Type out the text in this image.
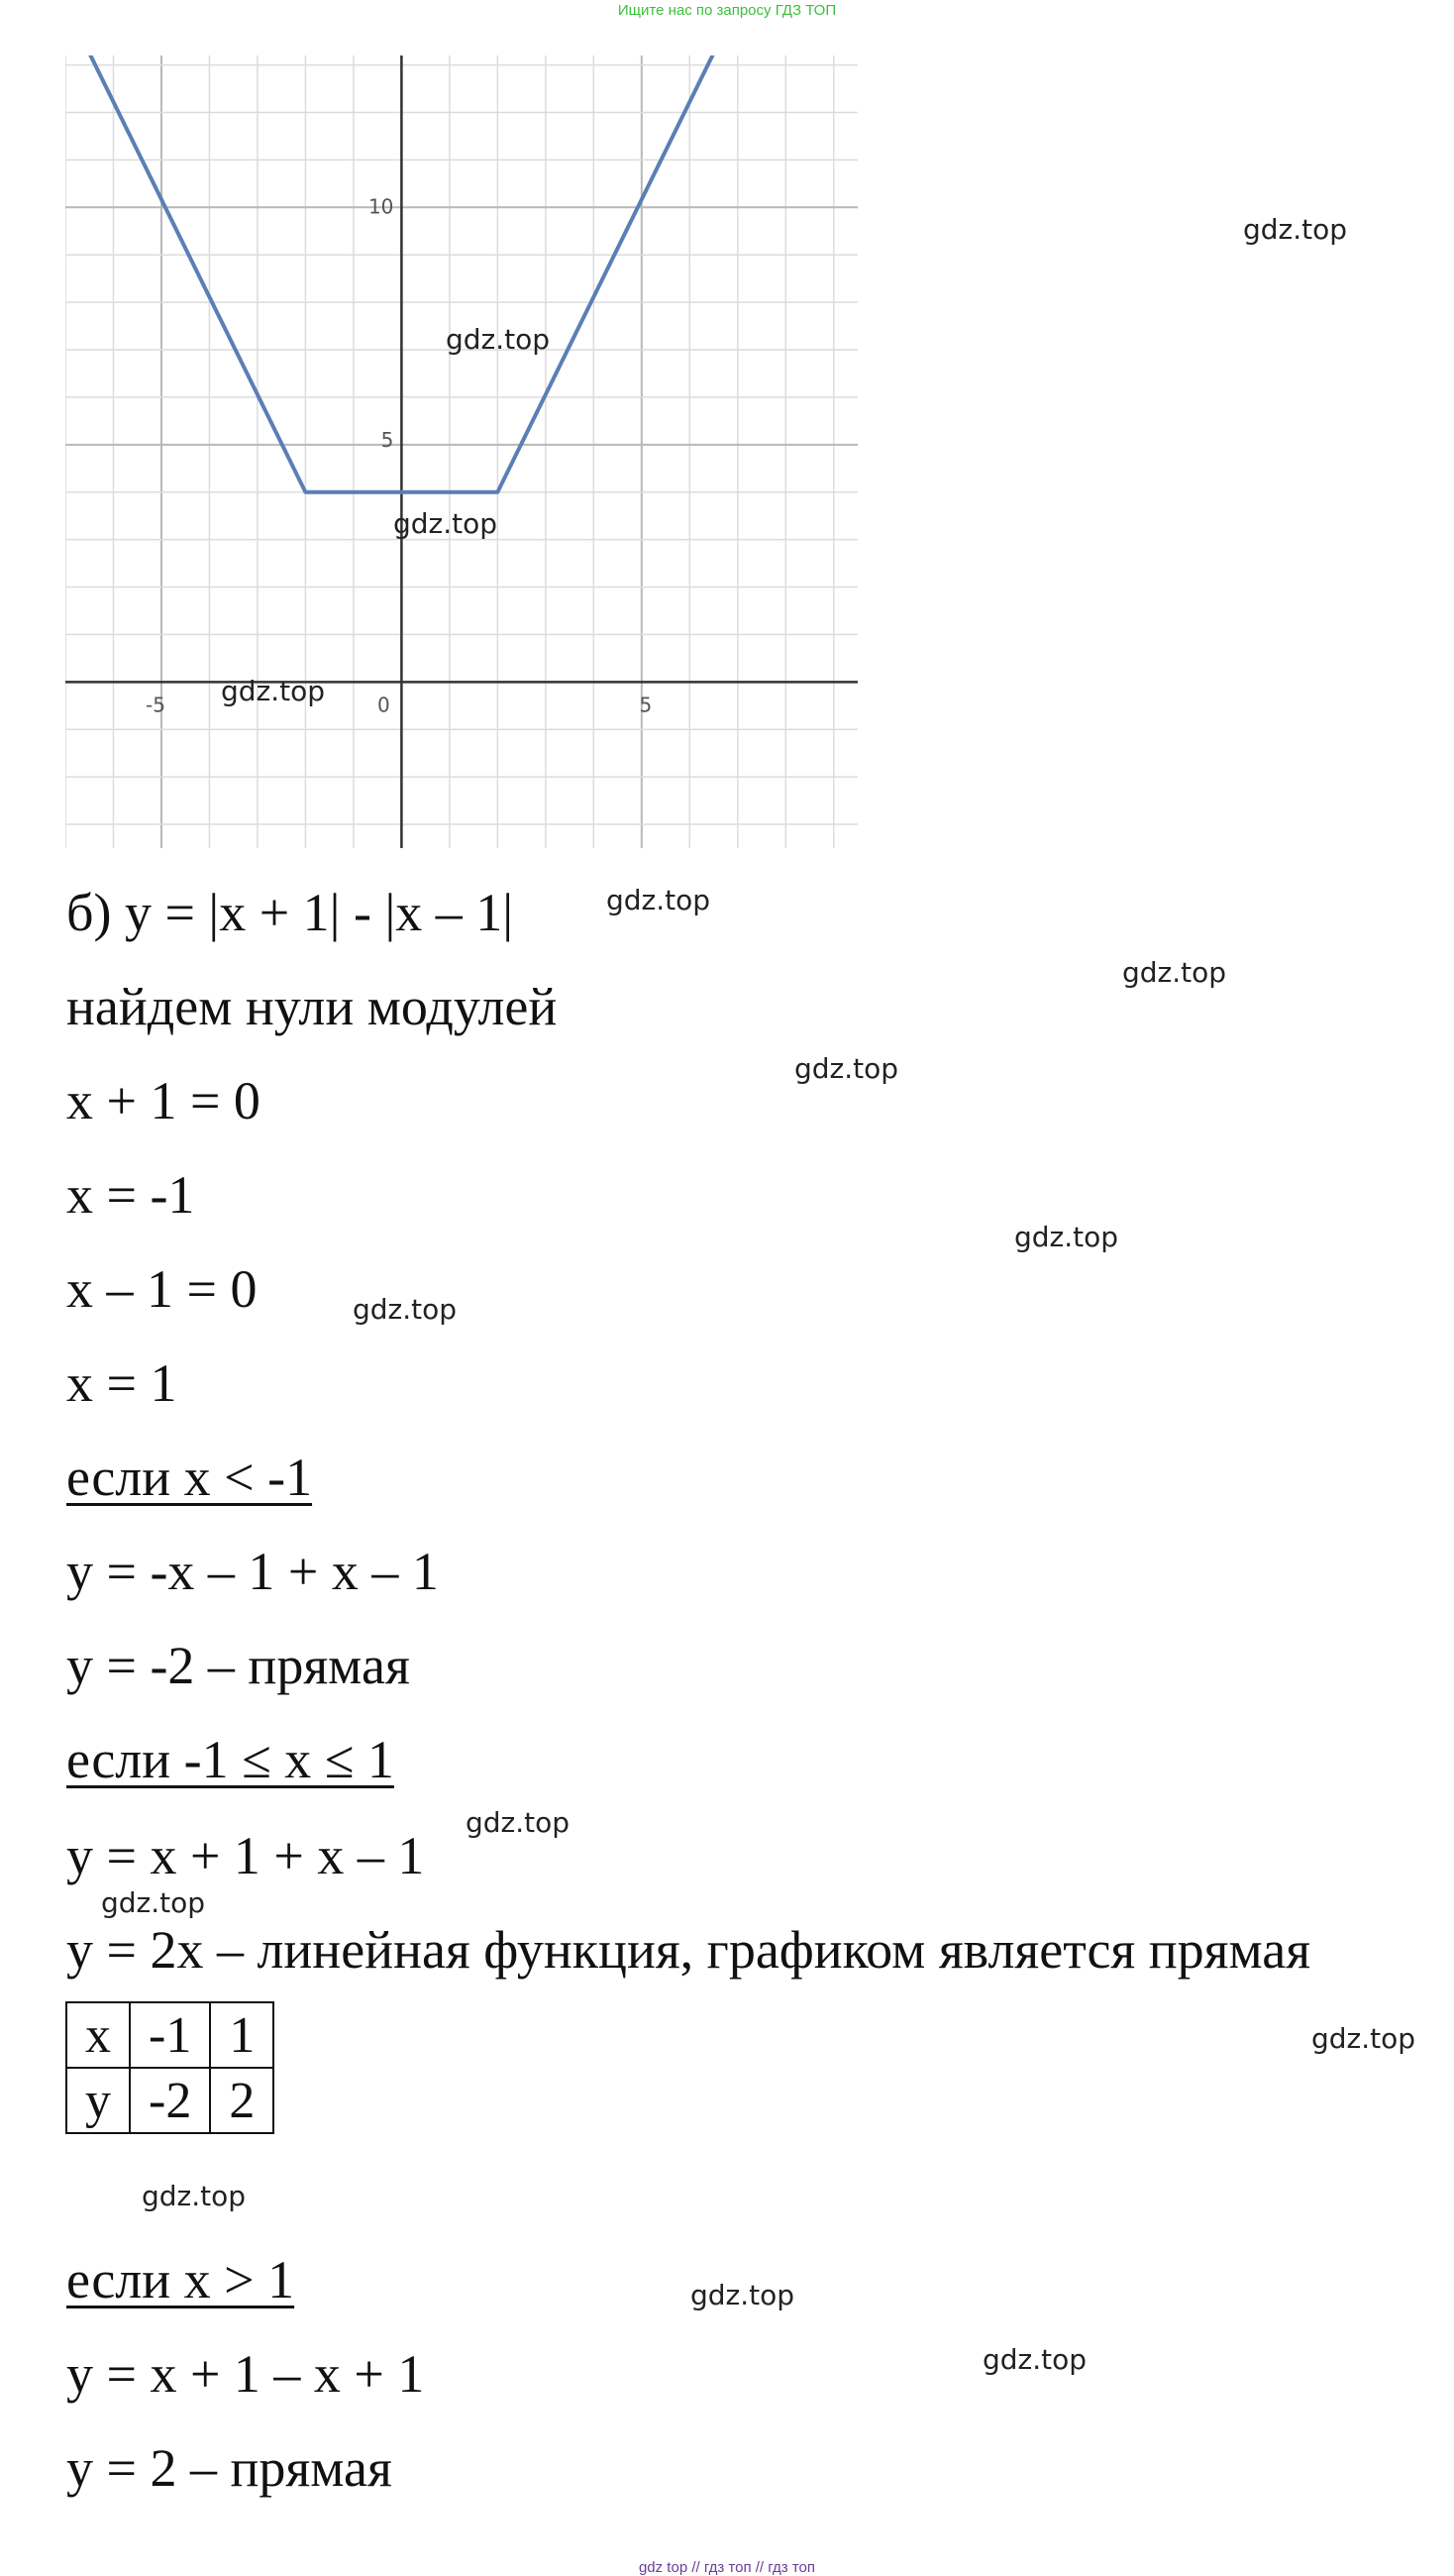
Ищите нас по запросу ГДЗ ТОП
-5	0	5
5
10
gdz.top
gdz.top
gdz.top
gdz.top
gdz.top
gdz.top
gdz.top
gdz.top
gdz.top
gdz.top
gdz.top
gdz.top
gdz.top
gdz.top
gdz.top
б) y = |x + 1| - |x – 1|
найдем нули модулей
x + 1 = 0
x = -1
x – 1 = 0
x = 1
если x < -1
y = -x – 1 + x – 1
y = -2 – прямая
если -1 ≤ x ≤ 1
y = x + 1 + x – 1
y = 2x – линейная функция, графиком является прямая
x	-1	1
y	-2	2
если x > 1
y = x + 1 – x + 1
y = 2 – прямая
gdz top // гдз топ // гдз топ
